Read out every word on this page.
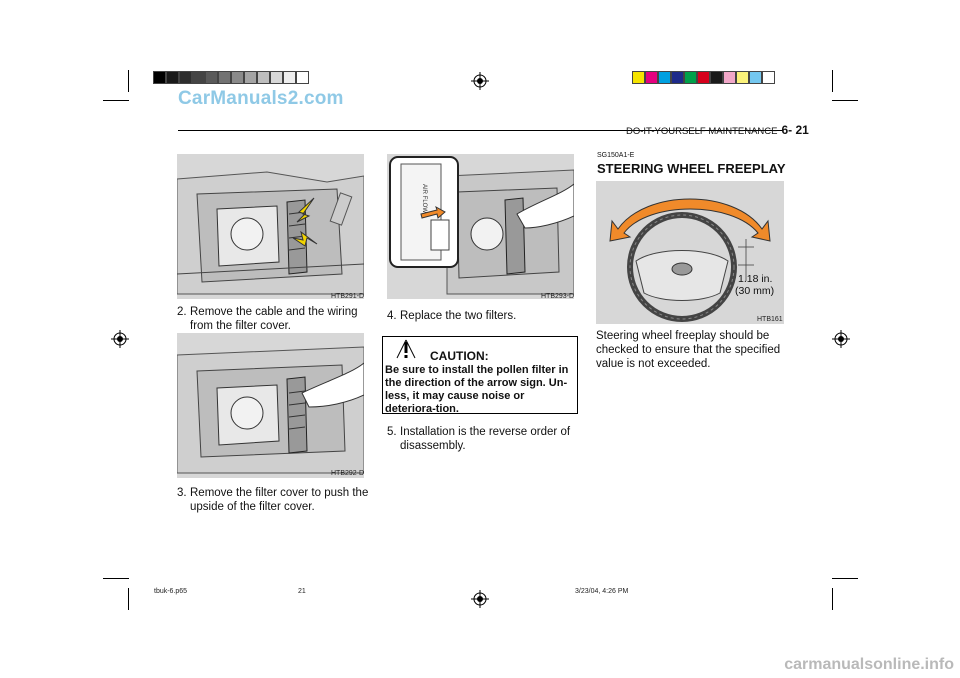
CarManuals2.com
DO-IT-YOURSELF MAINTENANCE 6- 21
HTB291-D
2. Remove the cable and the wiring
from the filter cover.
HTB292-D
3. Remove the filter cover to push the
upside of the filter cover.
AIR FLOW
HTB293-D
4. Replace the two filters.
CAUTION:
Be sure to install the pollen filter in the direction of the arrow sign. Un-less, it may cause noise or deteriora-tion.
5. Installation is the reverse order of
disassembly.
SG150A1-E
STEERING WHEEL FREEPLAY
1.18 in.
(30 mm)
HTB161
Steering wheel freeplay should be checked to ensure that the specified value is not exceeded.
tbuk-6.p65	21	3/23/04, 4:26 PM
carmanualsonline.info
